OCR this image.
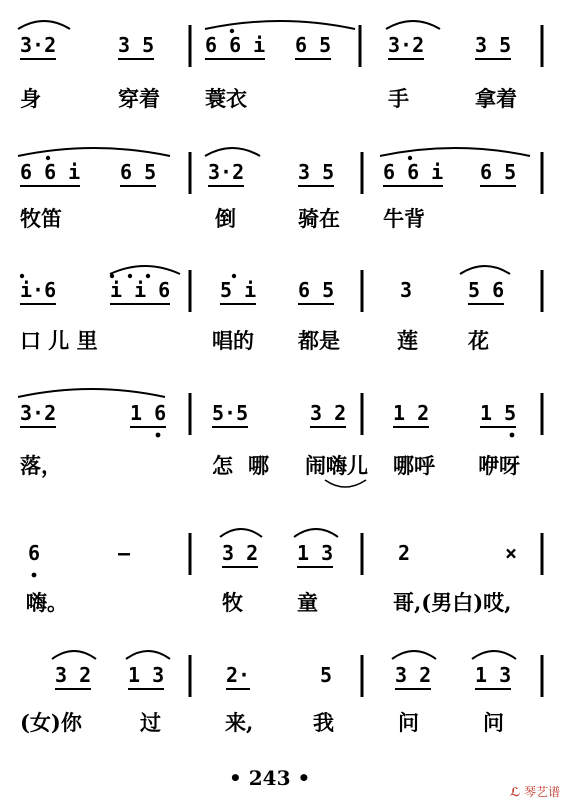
3·2	3 5	6 6 i 6 5	3·2	3 5
身	穿着 蓑衣	手	拿着
6 6 i 6 5	3·2	3 5 6 6 i 6 5
牧笛	倒	骑在 牛背
i·6	i i 6 5 i 6 5	3	5 6
口 儿 里	唱的 都是	莲 花
3·2	1 6 5·5	3 2 1 2	1 5
落，	怎 哪 闹嗨儿 哪呼 咿呀
6	—	3 2 1 3	2	×
嗨。	牧	童	哥,(男白)哎,
3 2 1 3	2·	5	3 2 1 3
(女)你	过	来,	我	问	问
• 243 •
ℒ 琴艺谱
